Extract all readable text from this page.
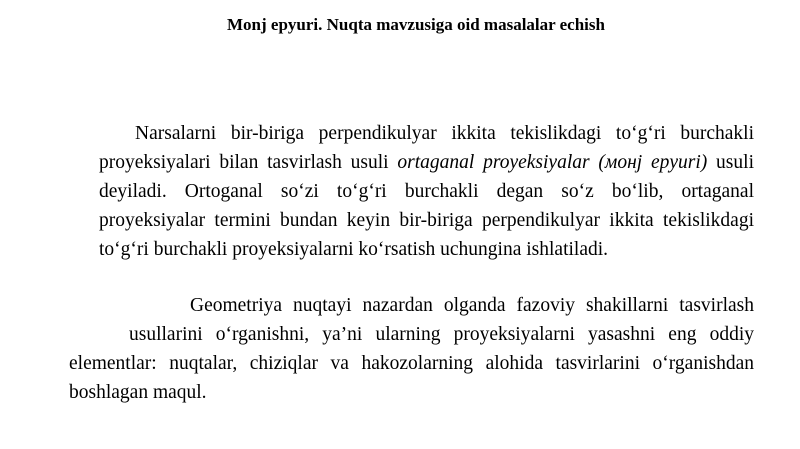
Monj epyuri. Nuqta mavzusiga oid masalalar echish

Narsalarni bir-biriga perpendikulyar ikkita tekislikdagi to‘g‘ri burchakli proyeksiyalari bilan tasvirlash usuli ortaganal proyeksiyalar (монj epyuri) usuli deyiladi. Ortoganal so‘zi to‘g‘ri burchakli degan so‘z bo‘lib, ortaganal proyeksiyalar termini bundan keyin bir-biriga perpendikulyar ikkita tekislikdagi to‘g‘ri burchakli proyeksiyalarni ko‘rsatish uchungina ishlatiladi.

Geometriya nuqtayi nazardan olganda fazoviy shakillarni tasvirlashusullarini o‘rganishni, ya’ni ularning proyeksiyalarni yasashni eng oddiy elementlar: nuqtalar, chiziqlar va hakozolarning alohida tasvirlarini o‘rganishdan boshlagan maqul.
